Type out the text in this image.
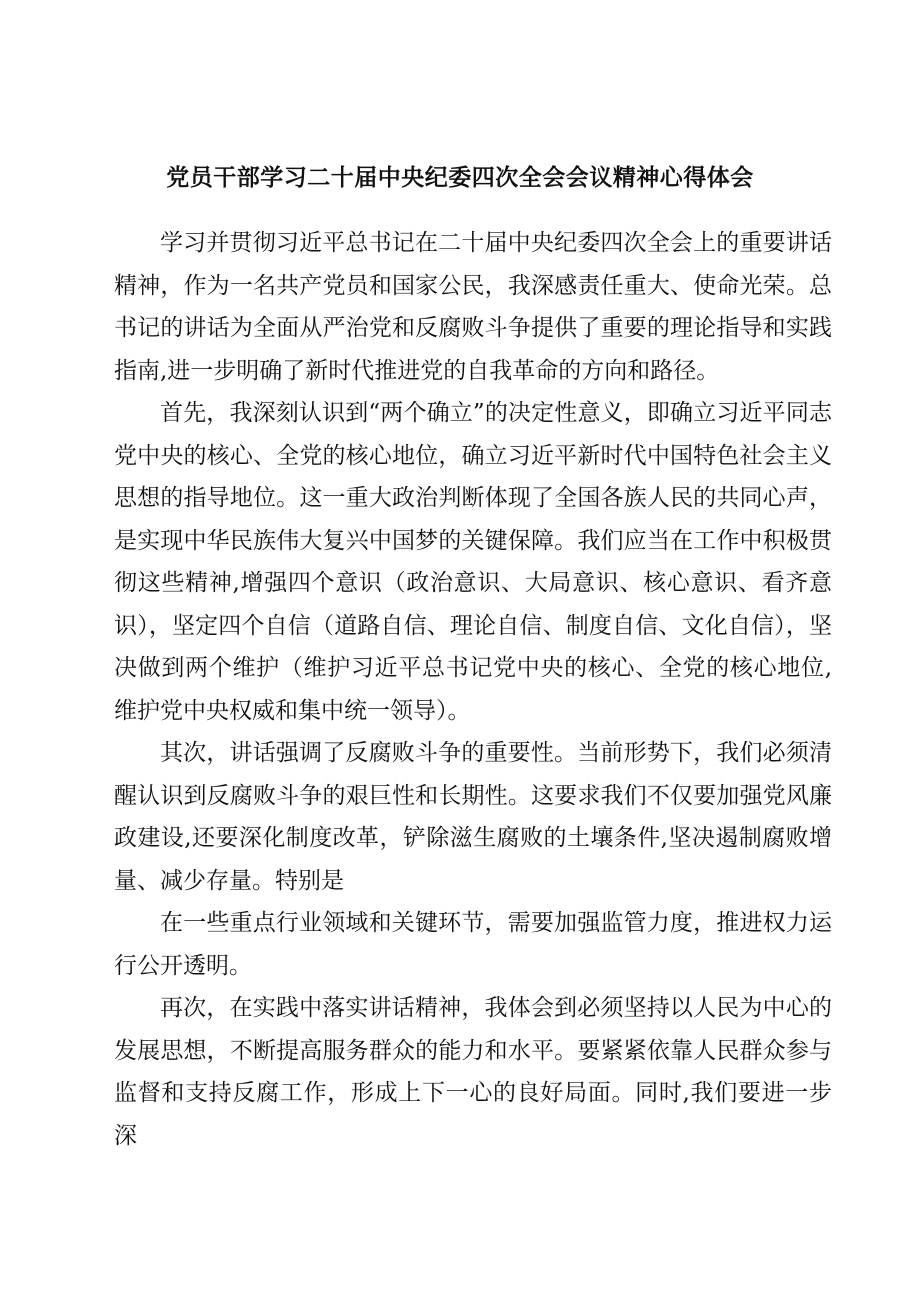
党员干部学习二十届中央纪委四次全会会议精神心得体会

学习并贯彻习近平总书记在二十届中央纪委四次全会上的重要讲话精神，作为一名共产党员和国家公民，我深感责任重大、使命光荣。总书记的讲话为全面从严治党和反腐败斗争提供了重要的理论指导和实践指南,进一步明确了新时代推进党的自我革命的方向和路径。

首先，我深刻认识到“两个确立”的决定性意义，即确立习近平同志党中央的核心、全党的核心地位，确立习近平新时代中国特色社会主义思想的指导地位。这一重大政治判断体现了全国各族人民的共同心声，是实现中华民族伟大复兴中国梦的关键保障。我们应当在工作中积极贯彻这些精神,增强四个意识（政治意识、大局意识、核心意识、看齐意识），坚定四个自信（道路自信、理论自信、制度自信、文化自信），坚决做到两个维护（维护习近平总书记党中央的核心、全党的核心地位,维护党中央权威和集中统一领导）。

其次，讲话强调了反腐败斗争的重要性。当前形势下，我们必须清醒认识到反腐败斗争的艰巨性和长期性。这要求我们不仅要加强党风廉政建设,还要深化制度改革，铲除滋生腐败的土壤条件,坚决遏制腐败增量、减少存量。特别是

在一些重点行业领域和关键环节，需要加强监管力度，推进权力运行公开透明。

再次，在实践中落实讲话精神，我体会到必须坚持以人民为中心的发展思想，不断提高服务群众的能力和水平。要紧紧依靠人民群众参与监督和支持反腐工作，形成上下一心的良好局面。同时,我们要进一步深
